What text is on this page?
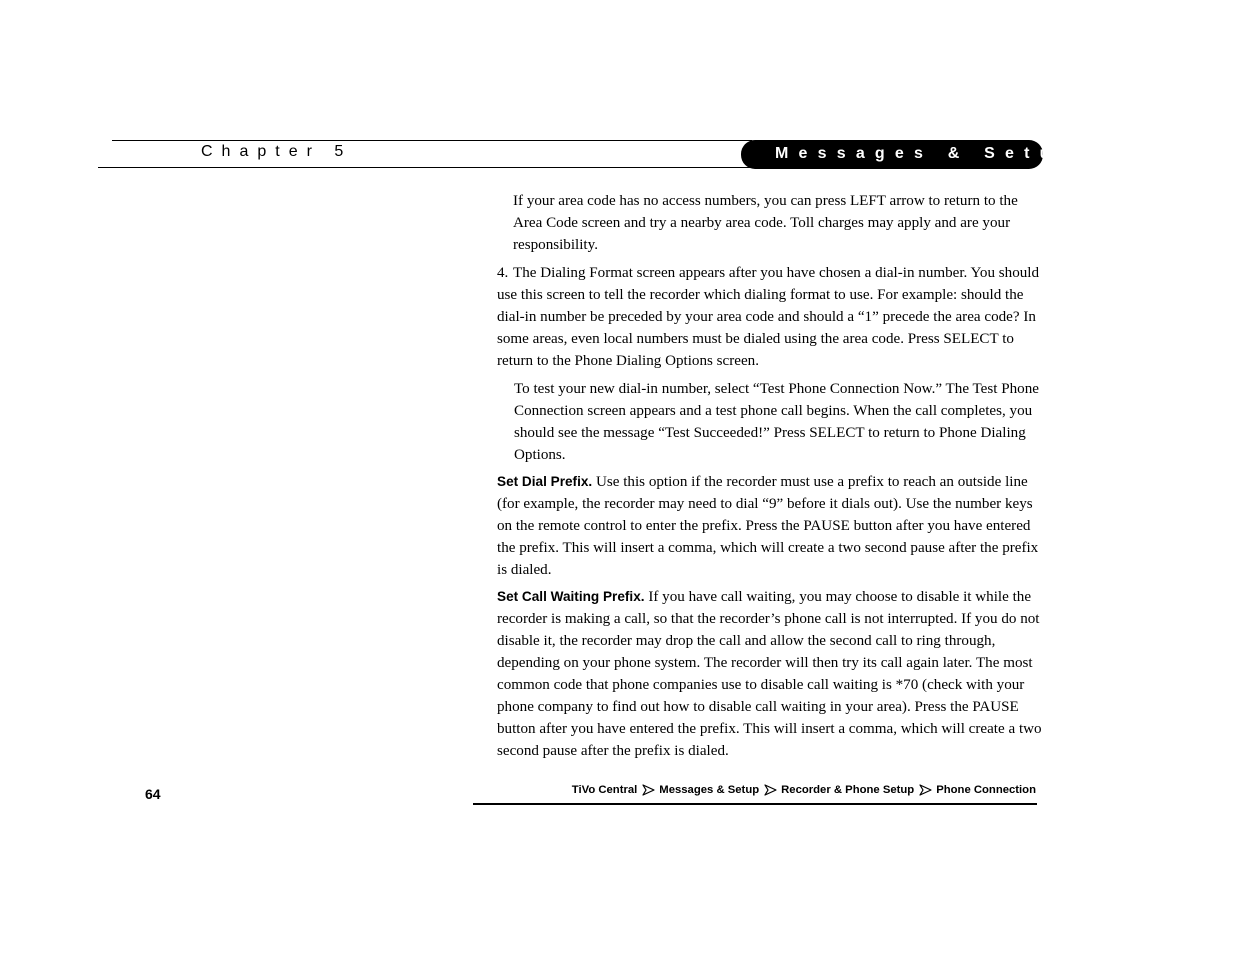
Chapter 5	Messages & Setup

If your area code has no access numbers, you can press LEFT arrow to return to the Area Code screen and try a nearby area code. Toll charges may apply and are your responsibility.

4. The Dialing Format screen appears after you have chosen a dial-in number. You should use this screen to tell the recorder which dialing format to use. For example: should the dial-in number be preceded by your area code and should a “1” precede the area code? In some areas, even local numbers must be dialed using the area code. Press SELECT to return to the Phone Dialing Options screen.

To test your new dial-in number, select “Test Phone Connection Now.” The Test Phone Connection screen appears and a test phone call begins. When the call completes, you should see the message “Test Succeeded!” Press SELECT to return to Phone Dialing Options.

Set Dial Prefix. Use this option if the recorder must use a prefix to reach an outside line (for example, the recorder may need to dial “9” before it dials out). Use the number keys on the remote control to enter the prefix. Press the PAUSE button after you have entered the prefix. This will insert a comma, which will create a two second pause after the prefix is dialed.

Set Call Waiting Prefix. If you have call waiting, you may choose to disable it while the recorder is making a call, so that the recorder’s phone call is not interrupted. If you do not disable it, the recorder may drop the call and allow the second call to ring through, depending on your phone system. The recorder will then try its call again later. The most common code that phone companies use to disable call waiting is *70 (check with your phone company to find out how to disable call waiting in your area). Press the PAUSE button after you have entered the prefix. This will insert a comma, which will create a two second pause after the prefix is dialed.

64	TiVo Central Messages & Setup Recorder & Phone Setup Phone Connection
